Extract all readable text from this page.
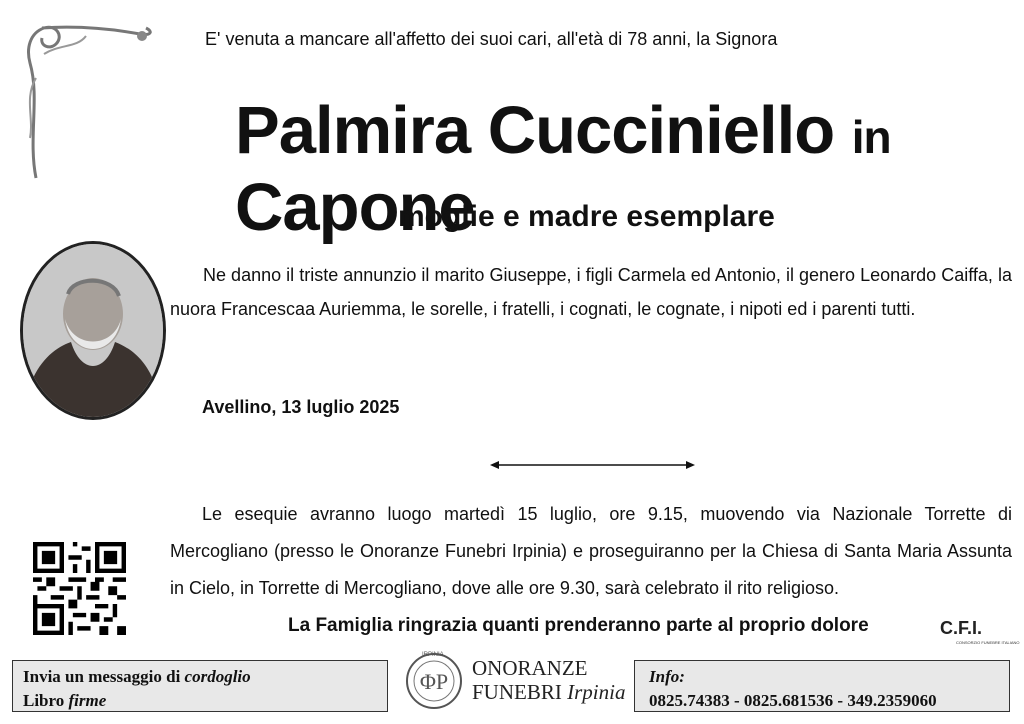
E' venuta a mancare all'affetto dei suoi cari, all'età di 78 anni, la Signora
Palmira Cucciniello in Capone
moglie e madre esemplare
Ne danno il triste annunzio il marito Giuseppe, i figli Carmela ed Antonio, il genero Leonardo Caiffa, la nuora Francescaa Auriemma, le sorelle, i fratelli, i cognati, le cognate, i nipoti ed i parenti tutti.
Avellino, 13 luglio 2025
Le esequie avranno luogo martedì 15 luglio, ore 9.15, muovendo via Nazionale Torrette di Mercogliano (presso le Onoranze Funebri Irpinia) e proseguiranno per la Chiesa di Santa Maria Assunta in Cielo, in Torrette di Mercogliano, dove alle ore 9.30, sarà celebrato il rito religioso.
La Famiglia ringrazia quanti prenderanno parte al proprio dolore	C.F.I.
CONSORZIO FUNEBRE ITALIANO
Invia un messaggio di cordoglio
Libro firme
ΦΡ
IRPINIA
ONORANZE
FUNEBRI Irpinia
Info:
0825.74383 - 0825.681536 - 349.2359060
